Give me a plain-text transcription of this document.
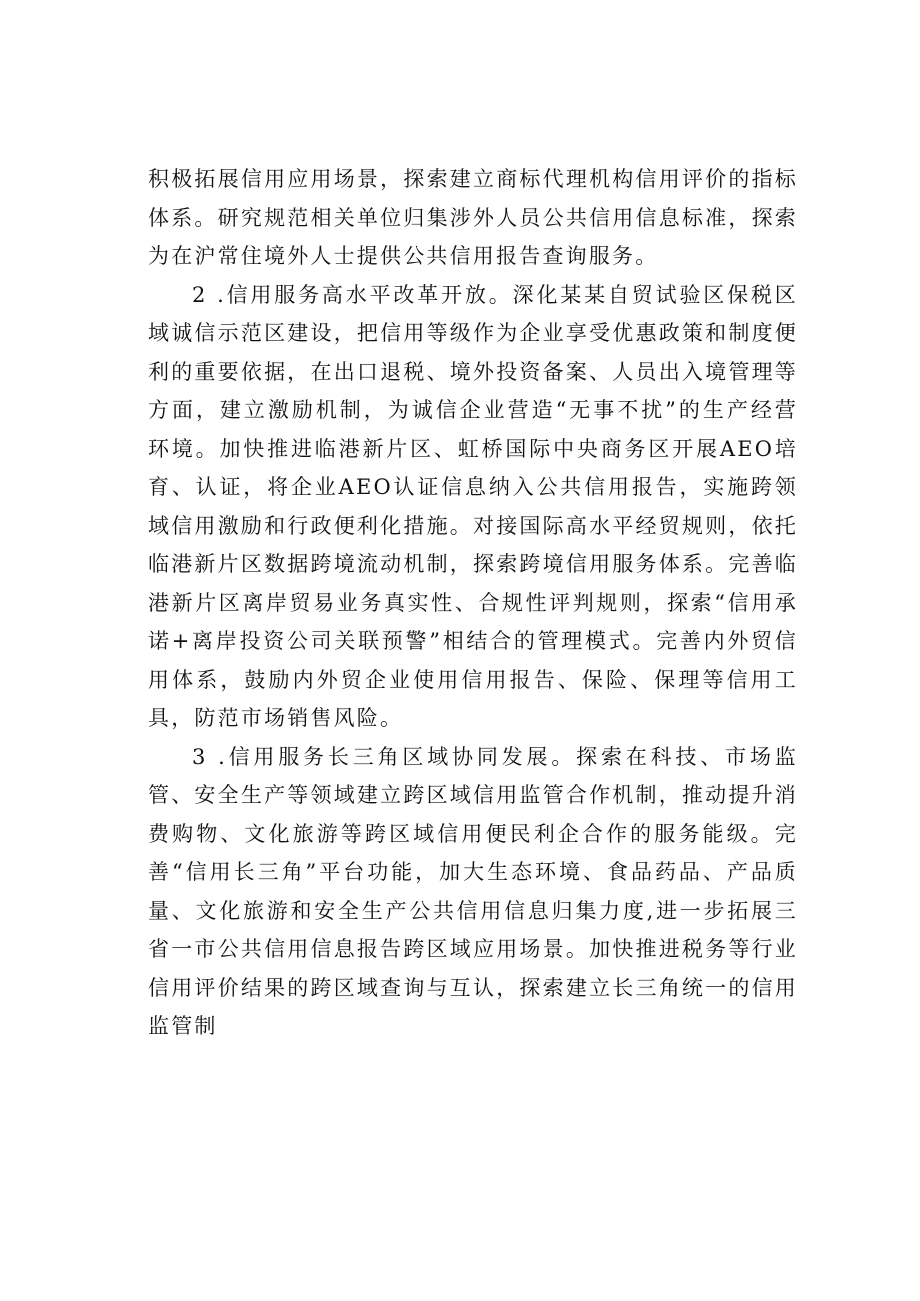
积极拓展信用应用场景，探索建立商标代理机构信用评价的指标体系。研究规范相关单位归集涉外人员公共信用信息标准，探索为在沪常住境外人士提供公共信用报告查询服务。

2 .信用服务高水平改革开放。深化某某自贸试验区保税区域诚信示范区建设，把信用等级作为企业享受优惠政策和制度便利的重要依据，在出口退税、境外投资备案、人员出入境管理等方面，建立激励机制，为诚信企业营造“无事不扰”的生产经营环境。加快推进临港新片区、虹桥国际中央商务区开展AEO培育、认证，将企业AEO认证信息纳入公共信用报告，实施跨领域信用激励和行政便利化措施。对接国际高水平经贸规则，依托临港新片区数据跨境流动机制，探索跨境信用服务体系。完善临港新片区离岸贸易业务真实性、合规性评判规则，探索“信用承诺+离岸投资公司关联预警”相结合的管理模式。完善内外贸信用体系，鼓励内外贸企业使用信用报告、保险、保理等信用工具，防范市场销售风险。

3 .信用服务长三角区域协同发展。探索在科技、市场监管、安全生产等领域建立跨区域信用监管合作机制，推动提升消费购物、文化旅游等跨区域信用便民利企合作的服务能级。完善“信用长三角”平台功能，加大生态环境、食品药品、产品质量、文化旅游和安全生产公共信用信息归集力度,进一步拓展三省一市公共信用信息报告跨区域应用场景。加快推进税务等行业信用评价结果的跨区域查询与互认，探索建立长三角统一的信用监管制
